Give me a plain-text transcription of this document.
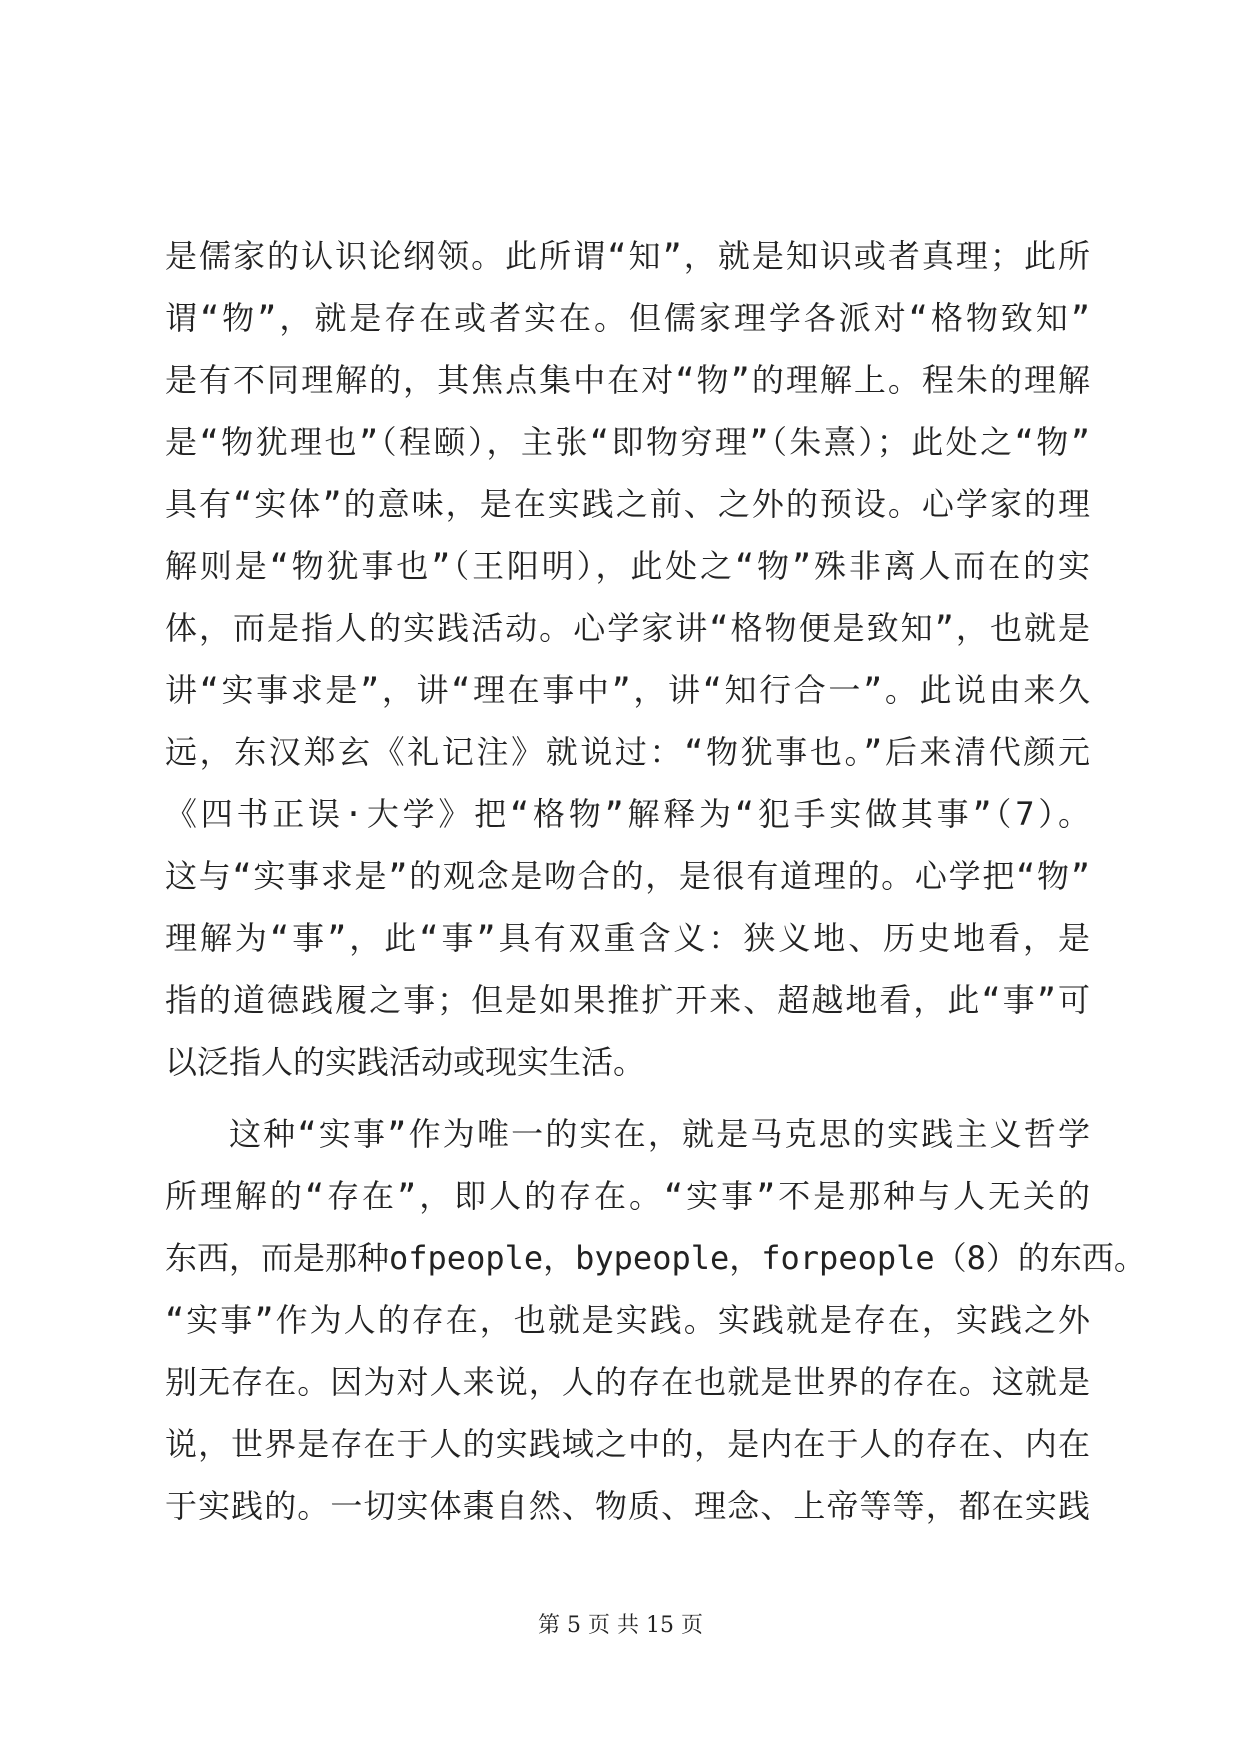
是儒家的认识论纲领。此所谓“知”，就是知识或者真理；此所
谓“物”，就是存在或者实在。但儒家理学各派对“格物致知”
是有不同理解的，其焦点集中在对“物”的理解上。程朱的理解
是“物犹理也”（程颐），主张“即物穷理”（朱熹）；此处之“物”
具有“实体”的意味，是在实践之前、之外的预设。心学家的理
解则是“物犹事也”（王阳明），此处之“物”殊非离人而在的实
体，而是指人的实践活动。心学家讲“格物便是致知”，也就是
讲“实事求是”，讲“理在事中”，讲“知行合一”。此说由来久
远，东汉郑玄《礼记注》就说过：“物犹事也。”后来清代颜元
《四书正误·大学》把“格物”解释为“犯手实做其事”（7）。
这与“实事求是”的观念是吻合的，是很有道理的。心学把“物”
理解为“事”，此“事”具有双重含义：狭义地、历史地看，是
指的道德践履之事；但是如果推扩开来、超越地看，此“事”可
以泛指人的实践活动或现实生活。
这种“实事”作为唯一的实在，就是马克思的实践主义哲学
所理解的“存在”，即人的存在。“实事”不是那种与人无关的
东西，而是那种ofpeople，bypeople，forpeople（8）的东西。
“实事”作为人的存在，也就是实践。实践就是存在，实践之外
别无存在。因为对人来说，人的存在也就是世界的存在。这就是
说，世界是存在于人的实践域之中的，是内在于人的存在、内在
于实践的。一切实体棗自然、物质、理念、上帝等等，都在实践
第 5 页 共 15 页
